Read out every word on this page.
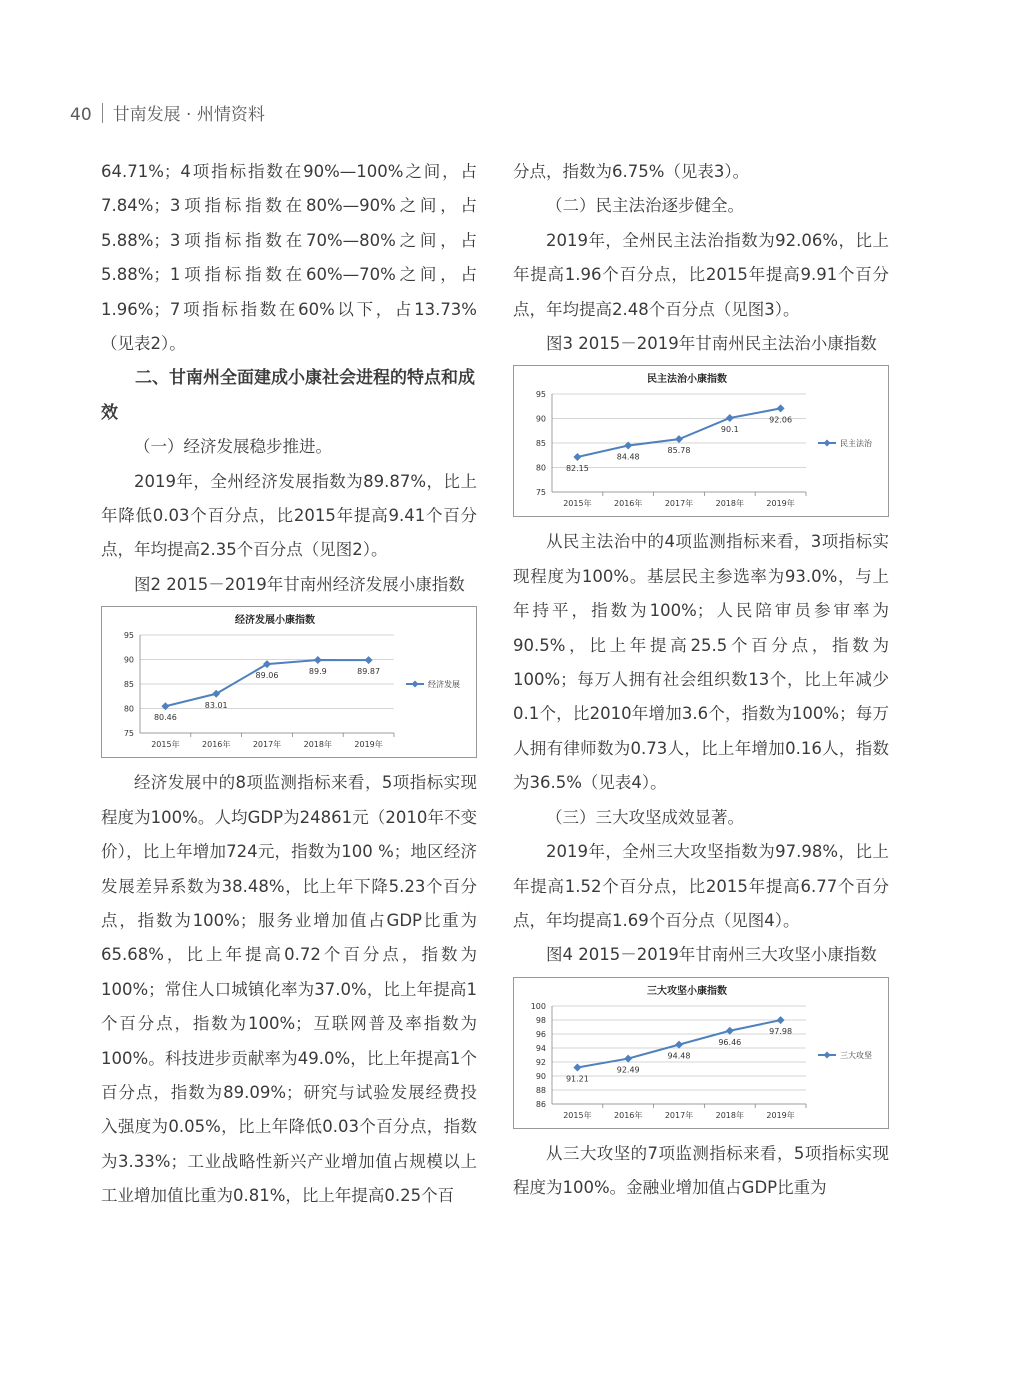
40 甘南发展 · 州情资料

64.71%；4项指标指数在90%—100%之间，占7.84%；3项指标指数在80%—90%之间，占5.88%；3项指标指数在70%—80%之间，占5.88%；1项指标指数在60%—70%之间，占1.96%；7项指标指数在60%以下，占13.73%（见表2）。

二、甘南州全面建成小康社会进程的特点和成效

（一）经济发展稳步推进。

2019年，全州经济发展指数为89.87%，比上年降低0.03个百分点，比2015年提高9.41个百分点，年均提高2.35个百分点（见图2）。

图2 2015－2019年甘南州经济发展小康指数

经济发展小康指数
75
80
85
90
95
2015年	2016年	2017年	2018年	2019年
80.46
83.01
89.06	89.9	89.87
经济发展

经济发展中的8项监测指标来看，5项指标实现程度为100%。人均GDP为24861元（2010年不变价），比上年增加724元，指数为100 %；地区经济发展差异系数为38.48%，比上年下降5.23个百分点，指数为100%；服务业增加值占GDP比重为65.68%，比上年提高0.72个百分点，指数为100%；常住人口城镇化率为37.0%，比上年提高1个百分点，指数为100%；互联网普及率指数为100%。科技进步贡献率为49.0%，比上年提高1个百分点，指数为89.09%；研究与试验发展经费投入强度为0.05%，比上年降低0.03个百分点，指数为3.33%；工业战略性新兴产业增加值占规模以上工业增加值比重为0.81%，比上年提高0.25个百

分点，指数为6.75%（见表3）。

（二）民主法治逐步健全。

2019年，全州民主法治指数为92.06%，比上年提高1.96个百分点，比2015年提高9.91个百分点，年均提高2.48个百分点（见图3）。

图3 2015－2019年甘南州民主法治小康指数

民主法治小康指数
75
80
85
90
95
2015年	2016年	2017年	2018年	2019年
82.15
84.48
85.78
90.1
92.06
民主法治

从民主法治中的4项监测指标来看，3项指标实现程度为100%。基层民主参选率为93.0%，与上年持平，指数为100%；人民陪审员参审率为90.5%，比上年提高25.5个百分点，指数为100%；每万人拥有社会组织数13个，比上年减少0.1个，比2010年增加3.6个，指数为100%；每万人拥有律师数为0.73人，比上年增加0.16人，指数为36.5%（见表4）。

（三）三大攻坚成效显著。

2019年，全州三大攻坚指数为97.98%，比上年提高1.52个百分点，比2015年提高6.77个百分点，年均提高1.69个百分点（见图4）。

图4 2015－2019年甘南州三大攻坚小康指数

三大攻坚小康指数
86
88
90
92
94
96
98
100
2015年	2016年	2017年	2018年	2019年
91.21
92.49
94.48
96.46
97.98
三大攻坚

从三大攻坚的7项监测指标来看，5项指标实现程度为100%。金融业增加值占GDP比重为
